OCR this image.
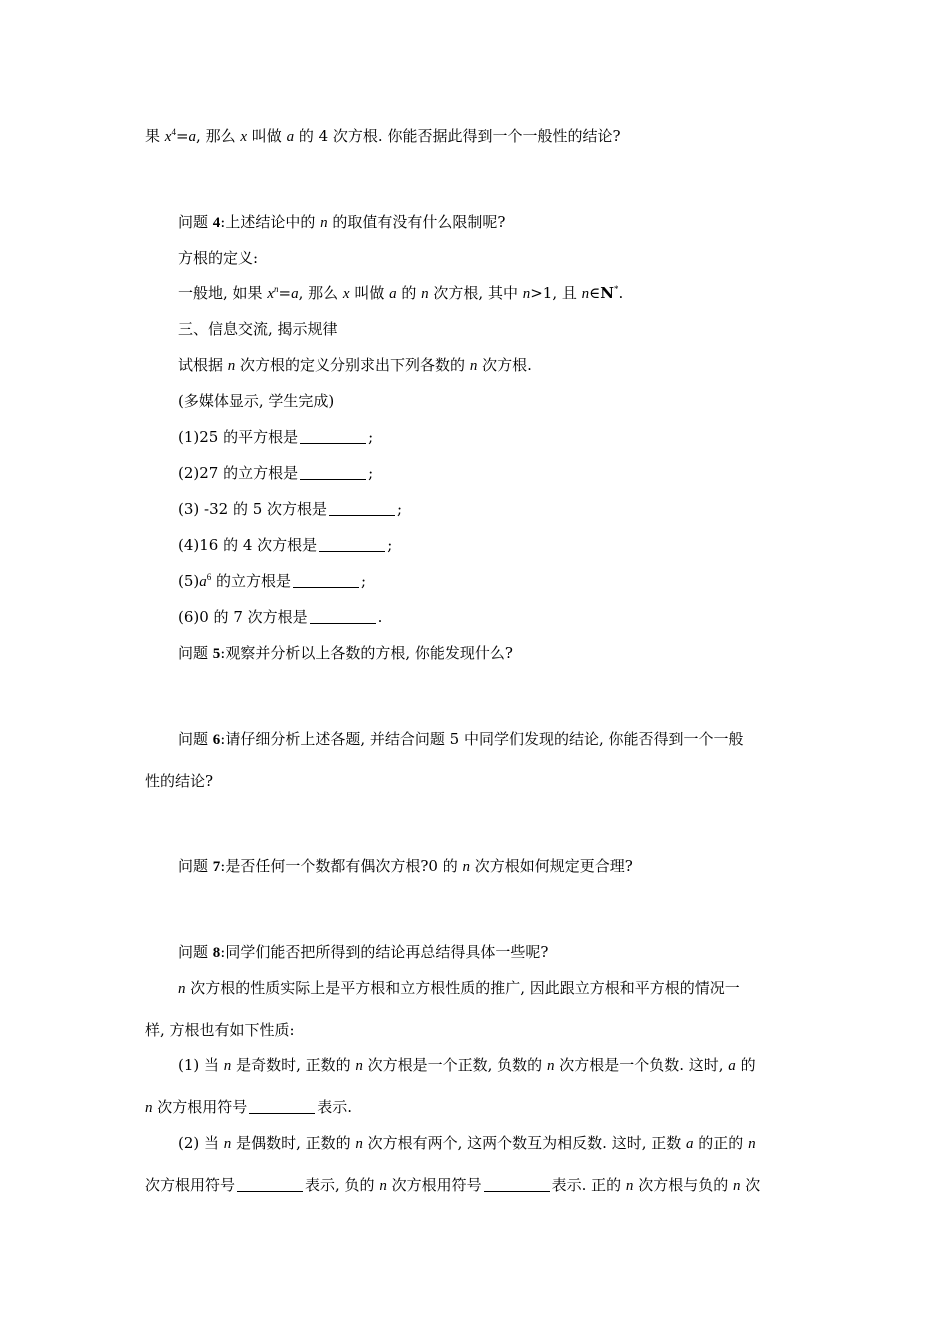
果 $x^4=a$, 那么 x 叫做 a 的 4 次方根. 你能否据此得到一个一般性的结论?
问题 4:上述结论中的 n 的取值有没有什么限制呢?
方根的定义:
一般地, 如果 $x^n=a$, 那么 x 叫做 a 的 n 次方根, 其中 n>1, 且 n∈N*.
三、信息交流, 揭示规律
试根据 n 次方根的定义分别求出下列各数的 n 次方根.
(多媒体显示, 学生完成)
(1)25 的平方根是	;
(2)27 的立方根是	;
(3) -32 的 5 次方根是	;
(4)16 的 4 次方根是	;
$(5)a^6$ 的立方根是	;
(6)0 的 7 次方根是	.
问题 5:观察并分析以上各数的方根, 你能发现什么?
问题 6:请仔细分析上述各题, 并结合问题 5 中同学们发现的结论, 你能否得到一个一般
性的结论?
问题 7:是否任何一个数都有偶次方根?0 的 n 次方根如何规定更合理?
问题 8:同学们能否把所得到的结论再总结得具体一些呢?
n 次方根的性质实际上是平方根和立方根性质的推广, 因此跟立方根和平方根的情况一
样, 方根也有如下性质:
(1) 当 n 是奇数时, 正数的 n 次方根是一个正数, 负数的 n 次方根是一个负数. 这时, a 的
n 次方根用符号	表示.
(2) 当 n 是偶数时, 正数的 n 次方根有两个, 这两个数互为相反数. 这时, 正数 a 的正的 n
次方根用符号	表示, 负的 n 次方根用符号	表示. 正的 n 次方根与负的 n 次
